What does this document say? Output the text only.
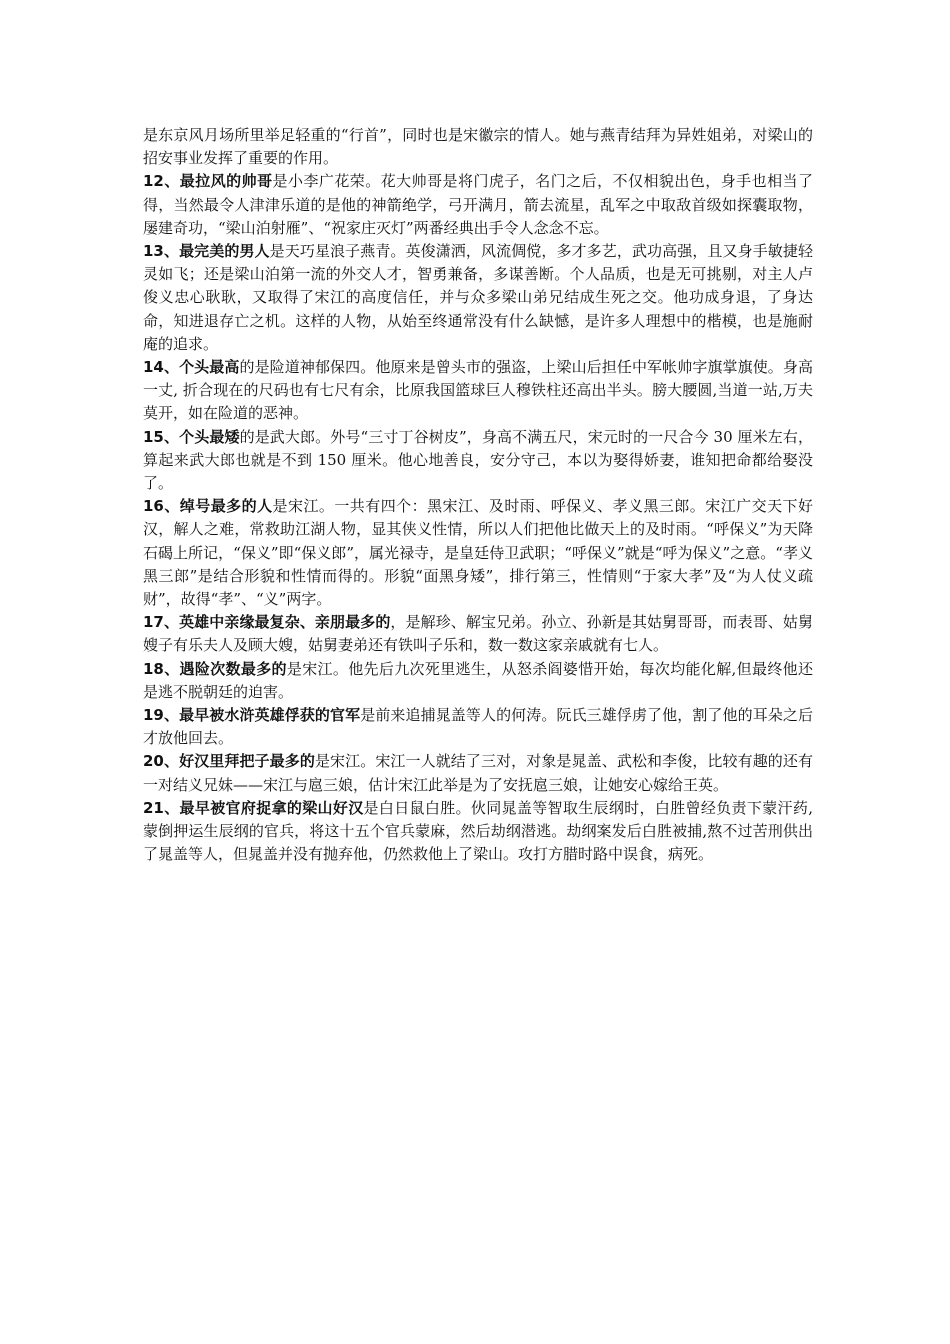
是东京风月场所里举足轻重的“行首”，同时也是宋徽宗的情人。她与燕青结拜为异姓姐弟，对梁山的招安事业发挥了重要的作用。

12、最拉风的帅哥是小李广花荣。花大帅哥是将门虎子，名门之后，不仅相貌出色，身手也相当了得，当然最令人津津乐道的是他的神箭绝学，弓开满月，箭去流星，乱军之中取敌首级如探囊取物，屡建奇功，“梁山泊射雁”、“祝家庄灭灯”两番经典出手令人念念不忘。

13、最完美的男人是天巧星浪子燕青。英俊潇洒，风流倜傥，多才多艺，武功高强，且又身手敏捷轻灵如飞；还是梁山泊第一流的外交人才，智勇兼备，多谋善断。个人品质，也是无可挑剔，对主人卢俊义忠心耿耿，又取得了宋江的高度信任，并与众多梁山弟兄结成生死之交。他功成身退，了身达命，知进退存亡之机。这样的人物，从始至终通常没有什么缺憾，是许多人理想中的楷模，也是施耐庵的追求。

14、个头最高的是险道神郁保四。他原来是曾头市的强盗，上梁山后担任中军帐帅字旗掌旗使。身高一丈, 折合现在的尺码也有七尺有余，比原我国篮球巨人穆铁柱还高出半头。膀大腰圆,当道一站,万夫莫开，如在险道的恶神。

15、个头最矮的是武大郎。外号“三寸丁谷树皮”，身高不满五尺，宋元时的一尺合今 30 厘米左右，算起来武大郎也就是不到 150 厘米。他心地善良，安分守己，本以为娶得娇妻，谁知把命都给娶没了。

16、绰号最多的人是宋江。一共有四个：黑宋江、及时雨、呼保义、孝义黑三郎。宋江广交天下好汉，解人之难，常救助江湖人物，显其侠义性情，所以人们把他比做天上的及时雨。“呼保义”为天降石碣上所记，“保义”即“保义郎”，属光禄寺，是皇廷侍卫武职；“呼保义”就是“呼为保义”之意。“孝义黑三郎”是结合形貌和性情而得的。形貌“面黑身矮”，排行第三，性情则“于家大孝”及“为人仗义疏财”，故得“孝”、“义”两字。

17、英雄中亲缘最复杂、亲朋最多的，是解珍、解宝兄弟。孙立、孙新是其姑舅哥哥，而表哥、姑舅嫂子有乐夫人及顾大嫂，姑舅妻弟还有铁叫子乐和，数一数这家亲戚就有七人。

18、遇险次数最多的是宋江。他先后九次死里逃生，从怒杀阎婆惜开始，每次均能化解,但最终他还是逃不脱朝廷的迫害。

19、最早被水浒英雄俘获的官军是前来追捕晁盖等人的何涛。阮氏三雄俘虏了他，割了他的耳朵之后才放他回去。

20、好汉里拜把子最多的是宋江。宋江一人就结了三对，对象是晁盖、武松和李俊，比较有趣的还有一对结义兄妹——宋江与扈三娘，估计宋江此举是为了安抚扈三娘，让她安心嫁给王英。

21、最早被官府捉拿的梁山好汉是白日鼠白胜。伙同晁盖等智取生辰纲时，白胜曾经负责下蒙汗药,蒙倒押运生辰纲的官兵，将这十五个官兵蒙麻，然后劫纲潜逃。劫纲案发后白胜被捕,熬不过苦刑供出了晁盖等人，但晁盖并没有抛弃他，仍然救他上了梁山。攻打方腊时路中误食，病死。
